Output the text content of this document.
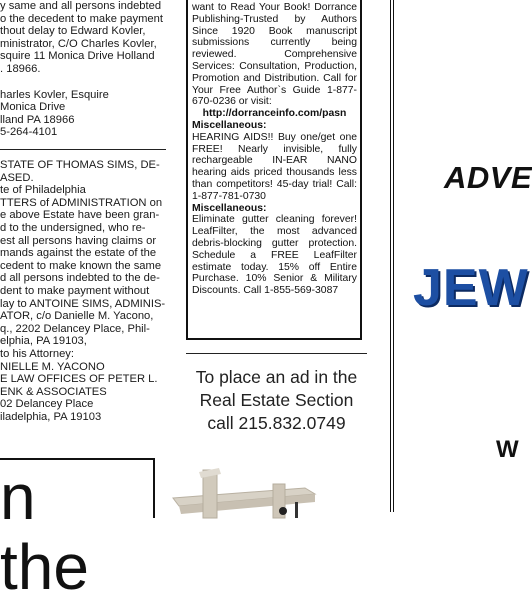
y same and all persons indebted
o the decedent to make payment
thout delay to Edward Kovler,
ministrator, C/O Charles Kovler,
squire 11 Monica Drive Holland
. 18966.
harles Kovler, Esquire
Monica Drive
lland PA 18966
5-264-4101
STATE OF THOMAS SIMS, DE-
ASED.
te of Philadelphia
TTERS of ADMINISTRATION on
e above Estate have been gran-
d to the undersigned, who re-
est all persons having claims or
mands against the estate of the
cedent to make known the same
d all persons indebted to the de-
dent to make payment without
lay to ANTOINE SIMS, ADMINIS-
ATOR, c/o Danielle M. Yacono,
q., 2202 Delancey Place, Phil-
elphia, PA 19103,
to his Attorney:
NIELLE M. YACONO
E LAW OFFICES OF PETER L.
ENK & ASSOCIATES
02 Delancey Place
iladelphia, PA 19103
n the

want to Read Your Book! Dorrance Publishing-Trusted by Authors Since 1920 Book manuscript submissions currently being reviewed. Comprehensive Services: Consultation, Production, Promotion and Distribution. Call for Your Free Author`s Guide 1-877-670-0236 or visit:

http://dorranceinfo.com/pasn
Miscellaneous:

HEARING AIDS!! Buy one/get one FREE! Nearly invisible, fully rechargeable IN-EAR NANO hearing aids priced thousands less than competitors! 45-day trial! Call: 1-877-781-0730

Miscellaneous:

Eliminate gutter cleaning forever! LeafFilter, the most advanced debris-blocking gutter protection. Schedule a FREE LeafFilter estimate today. 15% off Entire Purchase. 10% Senior & Military Discounts. Call 1-855-569-3087

To place an ad in the
Real Estate Section
call 215.832.0749
ADVE
JEW
W
